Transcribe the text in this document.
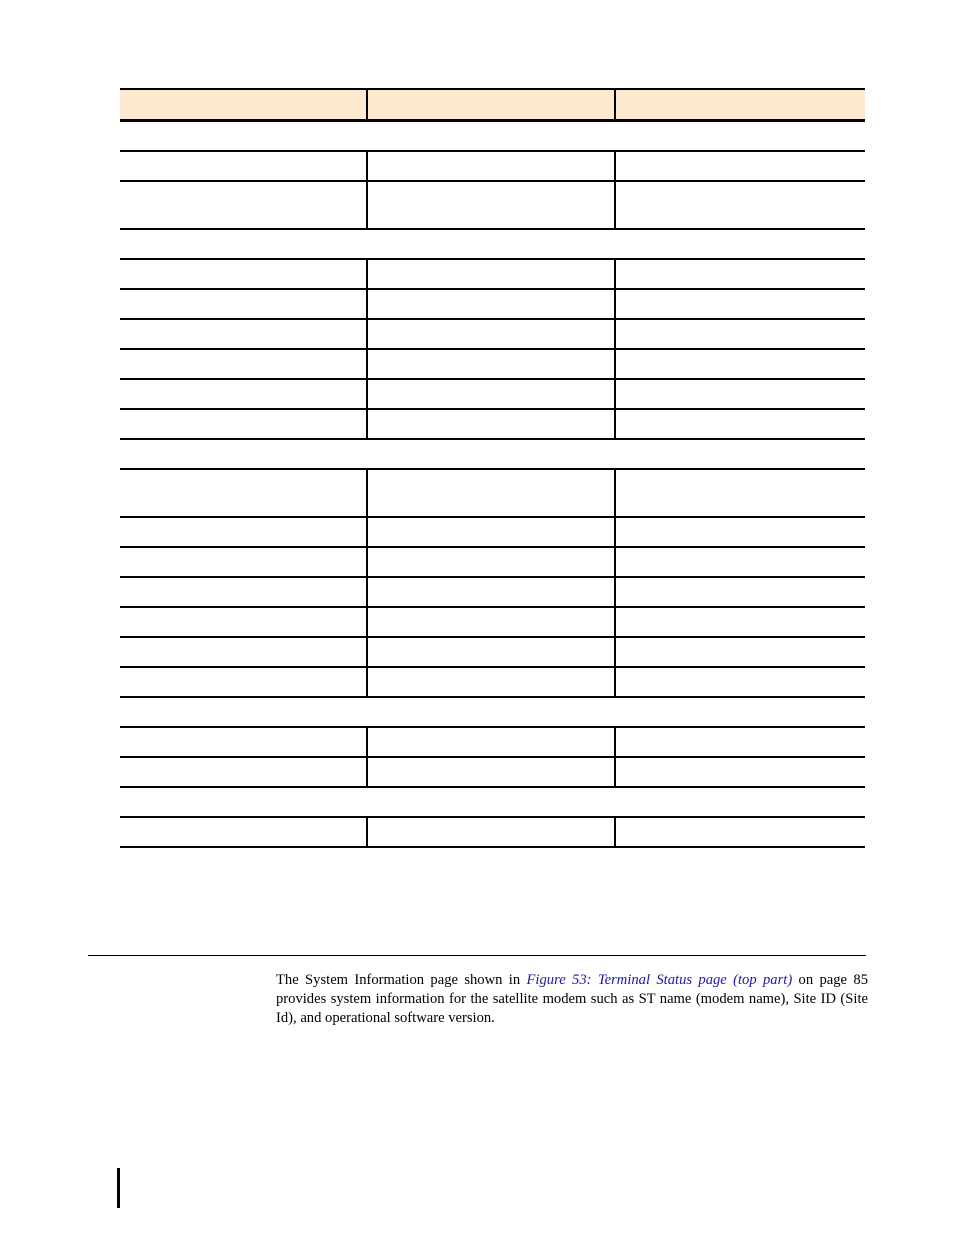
The System Information page shown in Figure 53: Terminal Status page (top part) on page 85 provides system information for the satellite modem such as ST name (modem name), Site ID (Site Id), and operational software version.
